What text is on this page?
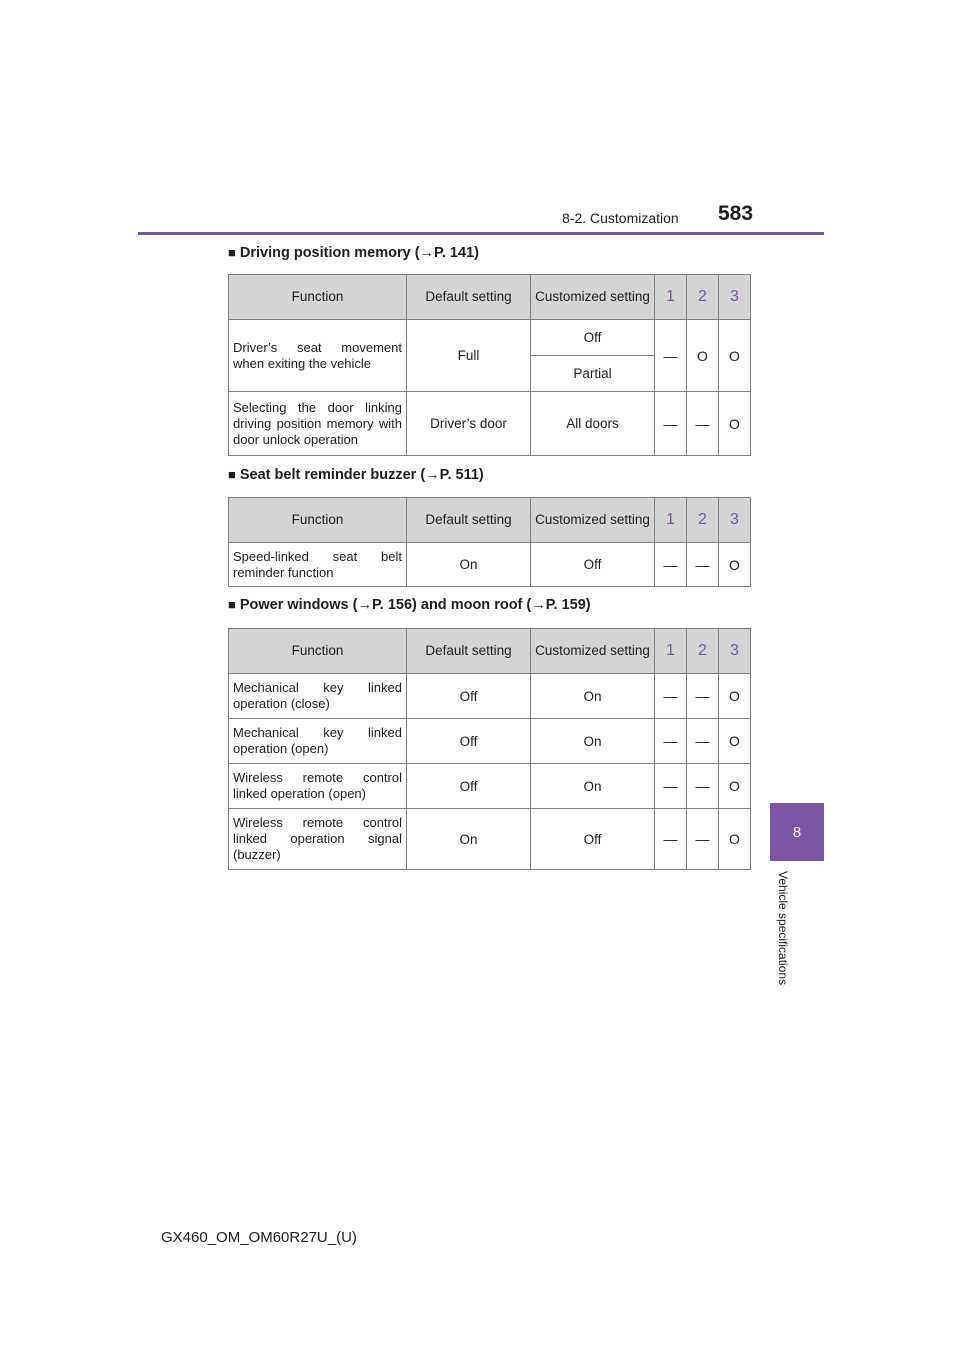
8-2. Customization 583
8
Vehicle specifications
■ Driving position memory (→P. 141)
Function	Default setting	Customized setting	1	2	3
Driver’s seat movement when exiting the vehicle	Full	Off	—	O	O
		Partial			
Selecting the door linking driving position memory with door unlock operation	Driver’s door	All doors	—	—	O
■ Seat belt reminder buzzer (→P. 511)
Function	Default setting	Customized setting	1	2	3
Speed-linked seat belt reminder function	On	Off	—	—	O
■ Power windows (→P. 156) and moon roof (→P. 159)
Function	Default setting	Customized setting	1	2	3
Mechanical key linked operation (close)	Off	On	—	—	O
Mechanical key linked operation (open)	Off	On	—	—	O
Wireless remote control linked operation (open)	Off	On	—	—	O
Wireless remote control linked operation signal (buzzer)	On	Off	—	—	O
GX460_OM_OM60R27U_(U)
